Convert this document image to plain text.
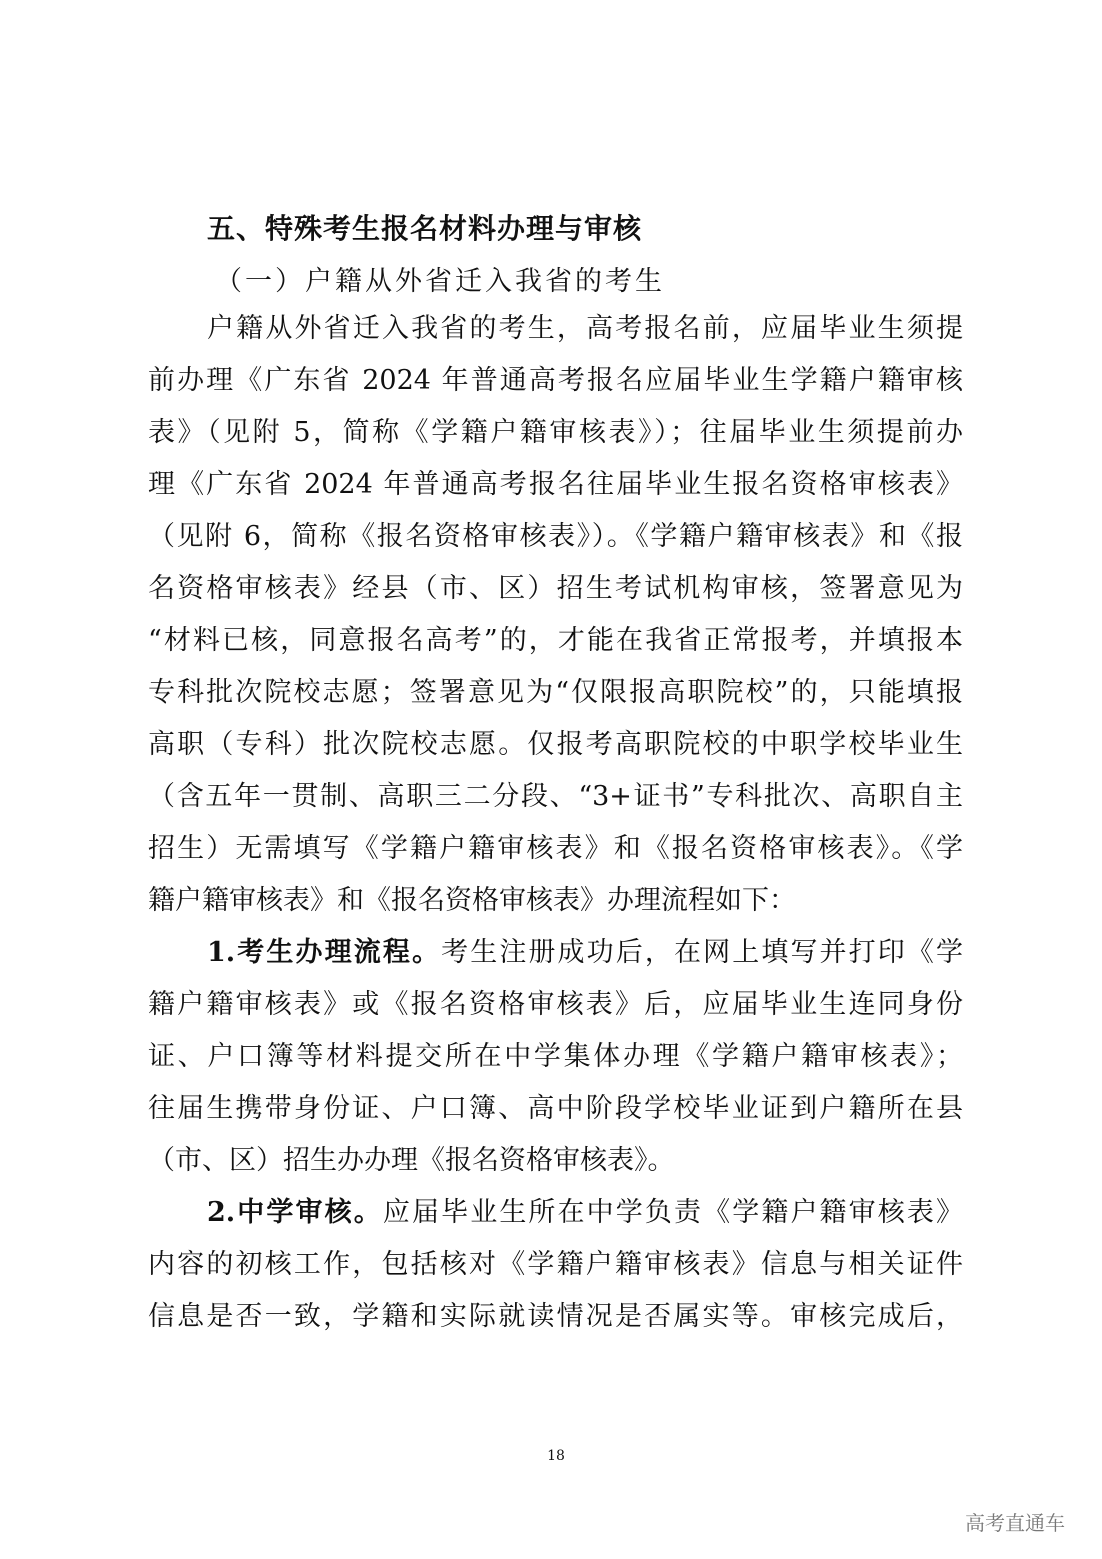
五、特殊考生报名材料办理与审核
（一）户籍从外省迁入我省的考生
户籍从外省迁入我省的考生，高考报名前，应届毕业生须提
前办理《广东省 2024 年普通高考报名应届毕业生学籍户籍审核
表》（见附 5，简称《学籍户籍审核表》）；往届毕业生须提前办
理《广东省 2024 年普通高考报名往届毕业生报名资格审核表》
（见附 6，简称《报名资格审核表》）。《学籍户籍审核表》和《报
名资格审核表》经县（市、区）招生考试机构审核，签署意见为
“材料已核，同意报名高考”的，才能在我省正常报考，并填报本
专科批次院校志愿；签署意见为“仅限报高职院校”的，只能填报
高职（专科）批次院校志愿。仅报考高职院校的中职学校毕业生
（含五年一贯制、高职三二分段、“3+证书”专科批次、高职自主
招生）无需填写《学籍户籍审核表》和《报名资格审核表》。《学
籍户籍审核表》和《报名资格审核表》办理流程如下：
1.考生办理流程。考生注册成功后，在网上填写并打印《学
籍户籍审核表》或《报名资格审核表》后，应届毕业生连同身份
证、户口簿等材料提交所在中学集体办理《学籍户籍审核表》；
往届生携带身份证、户口簿、高中阶段学校毕业证到户籍所在县
（市、区）招生办办理《报名资格审核表》。
2.中学审核。应届毕业生所在中学负责《学籍户籍审核表》
内容的初核工作，包括核对《学籍户籍审核表》信息与相关证件
信息是否一致，学籍和实际就读情况是否属实等。审核完成后，
18
高考直通车
